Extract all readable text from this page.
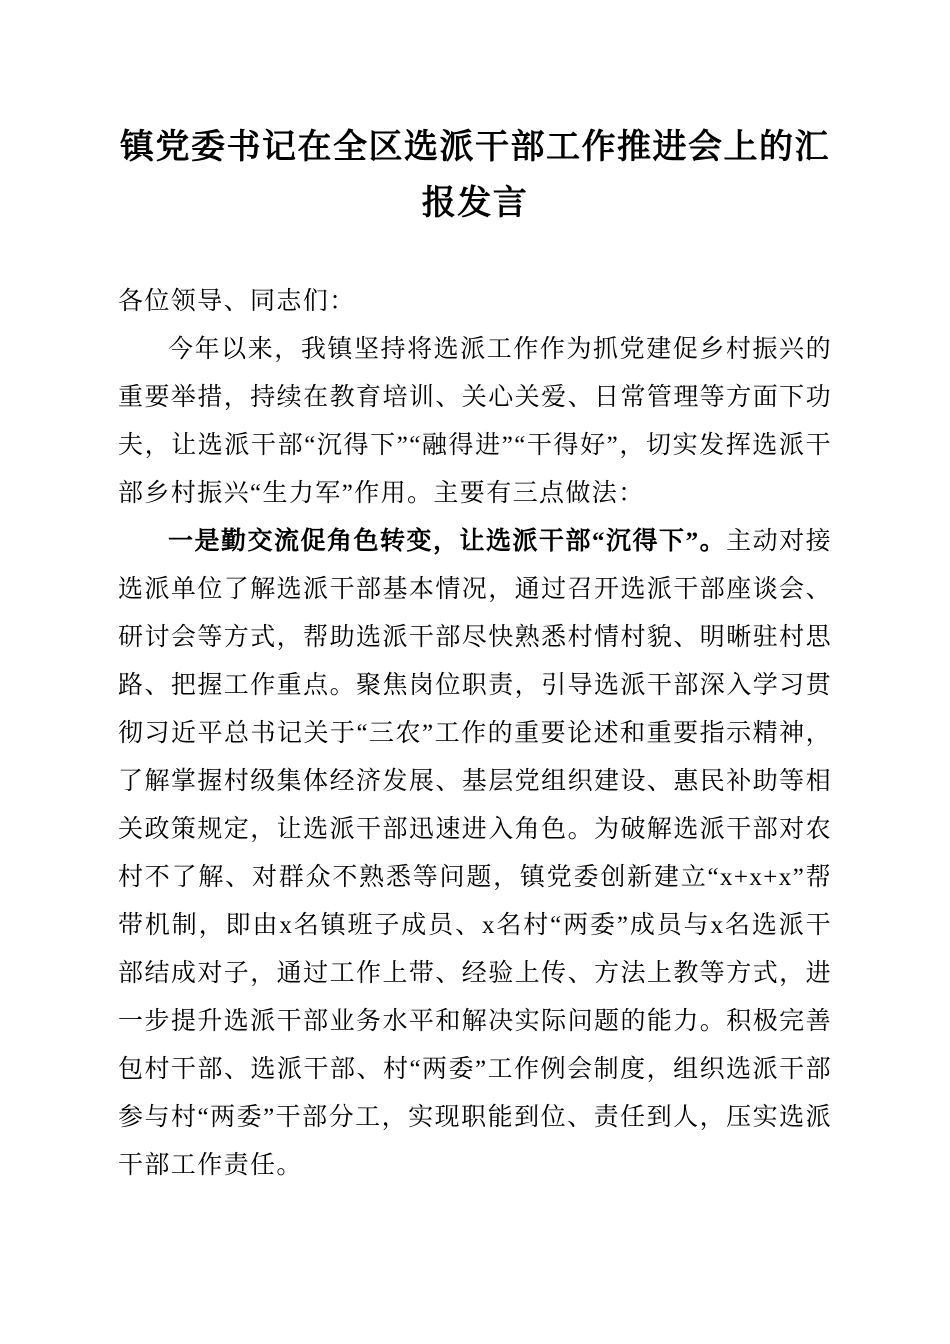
镇党委书记在全区选派干部工作推进会上的汇报发言

各位领导、同志们：

今年以来，我镇坚持将选派工作作为抓党建促乡村振兴的重要举措，持续在教育培训、关心关爱、日常管理等方面下功夫，让选派干部“沉得下”“融得进”“干得好”，切实发挥选派干部乡村振兴“生力军”作用。主要有三点做法：

一是勤交流促角色转变，让选派干部“沉得下”。主动对接选派单位了解选派干部基本情况，通过召开选派干部座谈会、研讨会等方式，帮助选派干部尽快熟悉村情村貌、明晰驻村思路、把握工作重点。聚焦岗位职责，引导选派干部深入学习贯彻习近平总书记关于“三农”工作的重要论述和重要指示精神，了解掌握村级集体经济发展、基层党组织建设、惠民补助等相关政策规定，让选派干部迅速进入角色。为破解选派干部对农村不了解、对群众不熟悉等问题，镇党委创新建立“x+x+x”帮带机制，即由x名镇班子成员、x名村“两委”成员与x名选派干部结成对子，通过工作上带、经验上传、方法上教等方式，进一步提升选派干部业务水平和解决实际问题的能力。积极完善包村干部、选派干部、村“两委”工作例会制度，组织选派干部参与村“两委”干部分工，实现职能到位、责任到人，压实选派干部工作责任。
